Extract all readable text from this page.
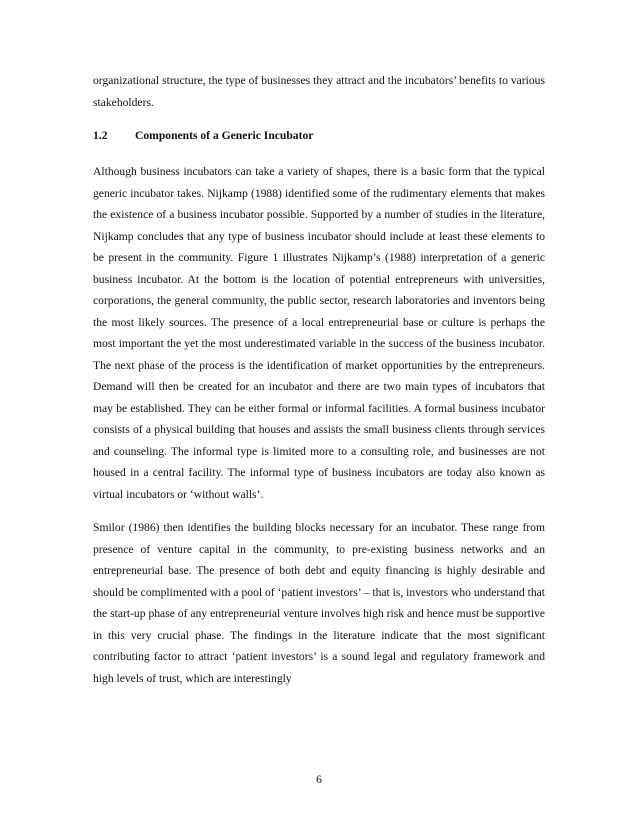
organizational structure, the type of businesses they attract and the incubators’ benefits to various stakeholders.

1.2	Components of a Generic Incubator

Although business incubators can take a variety of shapes, there is a basic form that the typical generic incubator takes. Nijkamp (1988) identified some of the rudimentary elements that makes the existence of a business incubator possible. Supported by a number of studies in the literature, Nijkamp concludes that any type of business incubator should include at least these elements to be present in the community. Figure 1 illustrates Nijkamp’s (1988) interpretation of a generic business incubator. At the bottom is the location of potential entrepreneurs with universities, corporations, the general community, the public sector, research laboratories and inventors being the most likely sources. The presence of a local entrepreneurial base or culture is perhaps the most important the yet the most underestimated variable in the success of the business incubator. The next phase of the process is the identification of market opportunities by the entrepreneurs. Demand will then be created for an incubator and there are two main types of incubators that may be established. They can be either formal or informal facilities. A formal business incubator consists of a physical building that houses and assists the small business clients through services and counseling. The informal type is limited more to a consulting role, and businesses are not housed in a central facility. The informal type of business incubators are today also known as virtual incubators or ‘without walls’.

Smilor (1986) then identifies the building blocks necessary for an incubator. These range from presence of venture capital in the community, to pre-existing business networks and an entrepreneurial base. The presence of both debt and equity financing is highly desirable and should be complimented with a pool of ‘patient investors’ – that is, investors who understand that the start-up phase of any entrepreneurial venture involves high risk and hence must be supportive in this very crucial phase. The findings in the literature indicate that the most significant contributing factor to attract ‘patient investors’ is a sound legal and regulatory framework and high levels of trust, which are interestingly

6
